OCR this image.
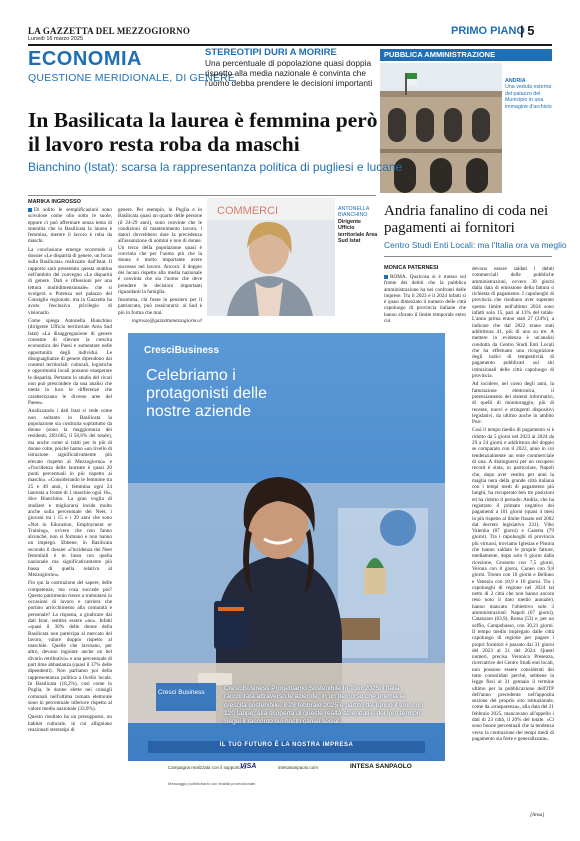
LA GAZZETTA DEL MEZZOGIORNO
Lunedì 16 marzo 2025
PRIMO PIANO
| 5
ECONOMIA
QUESTIONE MERIDIONALE, DI GENERE
STEREOTIPI DURI A MORIRE
Una percentuale di popolazione quasi doppia rispetto alla media nazionale è convinta che l'uomo debba prendere le decisioni importanti
PUBBLICA AMMINISTRAZIONE
ANDRIA
Una veduta esterna del palazzo del Municipio in una immagine d'archivio
In Basilicata la laurea è femmina però il lavoro resta roba da maschi
Bianchino (Istat): scarsa la rappresentanza politica di pugliesi e lucane
MARIKA INGROSSO

Di solito le semplificazioni sono scivolose come olio sotto le suole, eppure ci può affermare senza tema di smentita che in Basilicata la laurea è femmina, mentre il lavoro è roba da maschi.

La conclusione emerge scorrendo il dossier «Le disparità di genere, un focus sulla Basilicata» realizzato dall'Istat. Il rapporto sarà presentato questa mattina nell'ambito del convegno «Le disparità di genere. Dati e riflessioni per una lettura multidimensionale» che si svolgerà a Potenza nel palazzo del Consiglio regionale, ma la Gazzetta ha avuto l'esclusiva privilegio di visionarlo.

Come spiega Antonella Bianchino (dirigente Ufficio territoriale Area Sud Istat) «La disaggregazione di genere consente di rilevare la crescita economica dei Paesi e aumentare nelle opportunità degli individui. Le disuguaglianze di genere dipendono dai contesti territoriali: culturali, logistiche e opportunità locali possono esasperare le disparità. Pertanto lo studio del rivari non può prescindere da una analisi che metta in luce le differenze che caratterizzano le diverse aree del Paese».

Analizzando i dati Istat si vede come non soltanto in Basilicata la popolazione sia costituita soprattutto da donne (sono la maggioranza dei residenti, 269.665, il 50,6% del totale), ma anche come si tratti per lo più di donne colte, poiché hanno «un livello di istruzione significativamente più elevato rispetto al Mezzogiorno» e «l'incidenza delle laureate è quasi 20 punti percentuali in più rispetto ai maschi». «Considerando le femmine tra 25 e 49 anni, 1 femmina ogni 24 laureata a fronte di 1 maschio ogni 16», dice Bianchino. La gran voglia di studiare e migliorarsi incide molto anche sulla percentuale dei Neet, i giovani tra i 15 e i 29 anni che sono «Not in Education, Employment or Training», ovvero che non fanno alcunché, non si formano e non hanno un impiego. Ebbene, in Basilicata secondo il dossier «l'incidenza dei Neet femminili è in linea con quella nazionale ma significativamente più bassa di quella relativa al Mezzogiorno».

Fin qui la costruzione del sapere, delle competenze, ma cosa succede poi? Questo patrimonio riesce a tramutarsi in occasioni di lavoro e carriera che portino arricchimento alla comunità e personale? La risposta, a giudicare dai dati Istat, sembra essere «no». Infatti «quasi il 30% delle donne della Basilicata non partecipa al mercato del lavoro, valore doppio rispetto al maschile. Quelle che lavorano, per altro, devono ingoiare anche un bel divario retributivo» e una percentuale di part time abbastanza (quasi il 37% delle dipendenti). Non parliamo poi della rappresentanza politica a livello locale. In Basilicata (18,2%), così come in Puglia, le donne elette nei consigli comunali nell'ultima tornata elettorale sono in percentuale inferiore rispetto al valore medio nazionale (33,9%).

Questo risultato ha un presupposto, un habitat culturale, in cui alligniano reazionari stereotipi di

genere. Per esempio, in Puglia e in Basilicata quasi un quarto delle persone (il 24-29 anni), sono convinte che le condizioni di mantenimento lavoro, i datori dovrebbero dare la precedenza all'assunzione di uomini e non di donne. Un terzo della popolazione quasi è convinta che per l'uomo più che la donna è molto importante avere successo nel lavoro. Ancora: il doppio dei lucani rispetto alla media nazionale è convinta che sia l'uomo che deve prendere le decisioni importanti riguardanti la famiglia.

Insomma, chi fosse in pensiero per il patriarcato, può rassicurarsi: al Sud è più in forma che mai.

ingrosso@gazzettamezzogiorno.it

COMMERCI	ANTONELLA BIANCHINO
Dirigente Ufficio territoriale Area Sud Istat
Andria fanalino di coda nei pagamenti ai fornitori
Centro Studi Enti Locali: ma l'Italia ora va meglio
MONICA PATERNESI

ROMA. Qualcosa si è mosso sul fronte dei debiti che la pubblica amministrazione ha nei confronti delle imprese. Tra il 2023 e il 2024 infatti si è quasi dimezzato il numero delle città capoluogo di provincia italiane che hanno sforato il limite temporale entro cui

devono essere saldati i debiti commerciali delle pubbliche amministrazioni, ovvero 30 giorni dalla data di emissione della fattura o richiesta di pagamento. I capoluoghi di provincia che risultano aver superato questo limite nell'ultimo 2024 sono infatti solo 15, pari al 13% del totale. L'anno prima erano stati 27 (24%), a indicare che dal 2022 erano stati addirittura 41, più di uno su tre. A mettere in evidenza è un'analisi condotta da Centro Studi Enti Locali che ha effettuato una ricognizione degli indici di tempestività di pagamento pubblicati sui siti istituzionali delle città capoluogo di provincia.

Ad incidere, nel corso degli anni, la fatturazione elettronica, il potenziamento dei sistemi informatici, di quelli di monitoraggio, più di recente, nuovi e stringenti dispositivi legislativi, da ultimo anche in ambito Pnrr.

Così il tempo medio di pagamento si è ridotto da 5 giorni nel 2023 ai 2024 da 29 a 24 giorni e addirittura del doppio se comparato con il 2022, anno in cui tendenzialmente un ente commerciale di una. A distinguersi per un recupero record è stata, in particolare, Napoli che, dopo aver vestito per anni la maglia nera della grande città italiana con i tempi medi di pagamento più lunghi, ha recuperato ben tre posizioni ed ha ridotto il periodo: Andria, che ha registrato il primato negativo dei pagamenti a 101 giorni (quasi 4 mesi in più rispetto al limite fissato nel 2002 dal decreto legislativo 231). Vibo Valentia (87 giorni) e Caserta (79 giorni). Tra i capoluoghi di provincia più virtuosi, troviamo Iglesias e Pistoia che hanno saldato le proprie fatture, mediamente, dopo solo 6 giorni dalla ricezione, Grosseto con 7,5 giorni, Verona con 8 giorni, Cuneo con 9,8 giorni. Trento con 10 giorni e Belluno e Venezia con 10,9 e 10 giorni. Tra i capoluoghi di regione nel 2024 tal netto di 2 città che non hanno ancora reso noto il dato medio annuale), hanno mancato l'obiettivo solo 3 amministrazioni: Napoli (67 giorni), Catanzaro (63,9), Roma (53) e, per un soffio, Campobasso, con 30,21 giorni. Il tempo medio impiegato dalle città capoluogo di regione per pagare i propri fornitori è passato dai 31 giorni del 2023 al 21 del 2024. Questi numeri, precisa Veronica Presenza, ricercatrice del Centro Studi enti locali, non possono essere considerati dei tutto consolidati perché, sebbene la legge fissi al 31 gennaio il termine ultimo per la pubblicazione dell'ITP dell'anno precedente nell'apposita sezione del proprio sito istituzionale, come da «trasparenza», alla data del 21 febbraio 2025, mancavano all'appello i dati di 23 città, il 20% del totale. «Ci sono buone percentuali che la tendenza verso la contrazione dei tempi medi di pagamento sia forte e generalizzata».

[Ansa]
CresciBusiness
Celebriamo i protagonisti delle nostre aziende
Cresci Business
CresciBusiness Progettiamo Sostenibile In Tour 2025: l'Italia raccontata attraverso le aziende, in un percorso che premia la crescita sostenibile. Il 28 febbraio 2025 è partito da Torino il tour con 120 tappe, alla scoperta di queste realtà aziendali e dei loro territori. Segui il racconto sui nostri canali social.
IL TUO FUTURO È LA NOSTRA IMPRESA
Campagna realizzata con il supporto di
VISA	intesasanpaolo.com	INTESA SANPAOLO
Messaggio pubblicitario con finalità promozionale.
